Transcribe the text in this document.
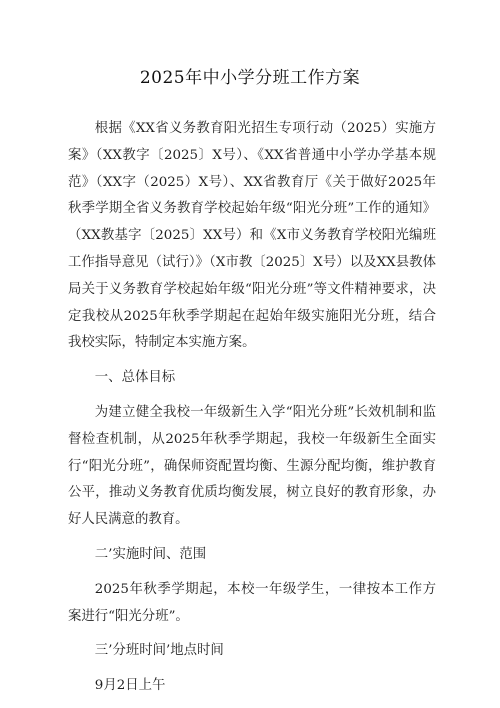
2025年中小学分班工作方案

根据《XX省义务教育阳光招生专项行动（2025）实施方案》（XX教字〔2025〕X号）、《XX省普通中小学办学基本规范》（XX字（2025）X号）、XX省教育厅《关于做好2025年秋季学期全省义务教育学校起始年级“阳光分班”工作的通知》（XX教基字〔2025〕XX号）和《X市义务教育学校阳光编班工作指导意见（试行）》（X市教〔2025〕X号）以及XX县教体局关于义务教育学校起始年级“阳光分班”等文件精神要求，决定我校从2025年秋季学期起在起始年级实施阳光分班，结合我校实际，特制定本实施方案。

一、总体目标

为建立健全我校一年级新生入学“阳光分班”长效机制和监督检查机制，从2025年秋季学期起，我校一年级新生全面实行“阳光分班”，确保师资配置均衡、生源分配均衡，维护教育公平，推动义务教育优质均衡发展，树立良好的教育形象，办好人民满意的教育。

二’实施时间、范围

2025年秋季学期起，本校一年级学生，一律按本工作方案进行“阳光分班”。

三’分班时间’地点时间

9月2日上午
